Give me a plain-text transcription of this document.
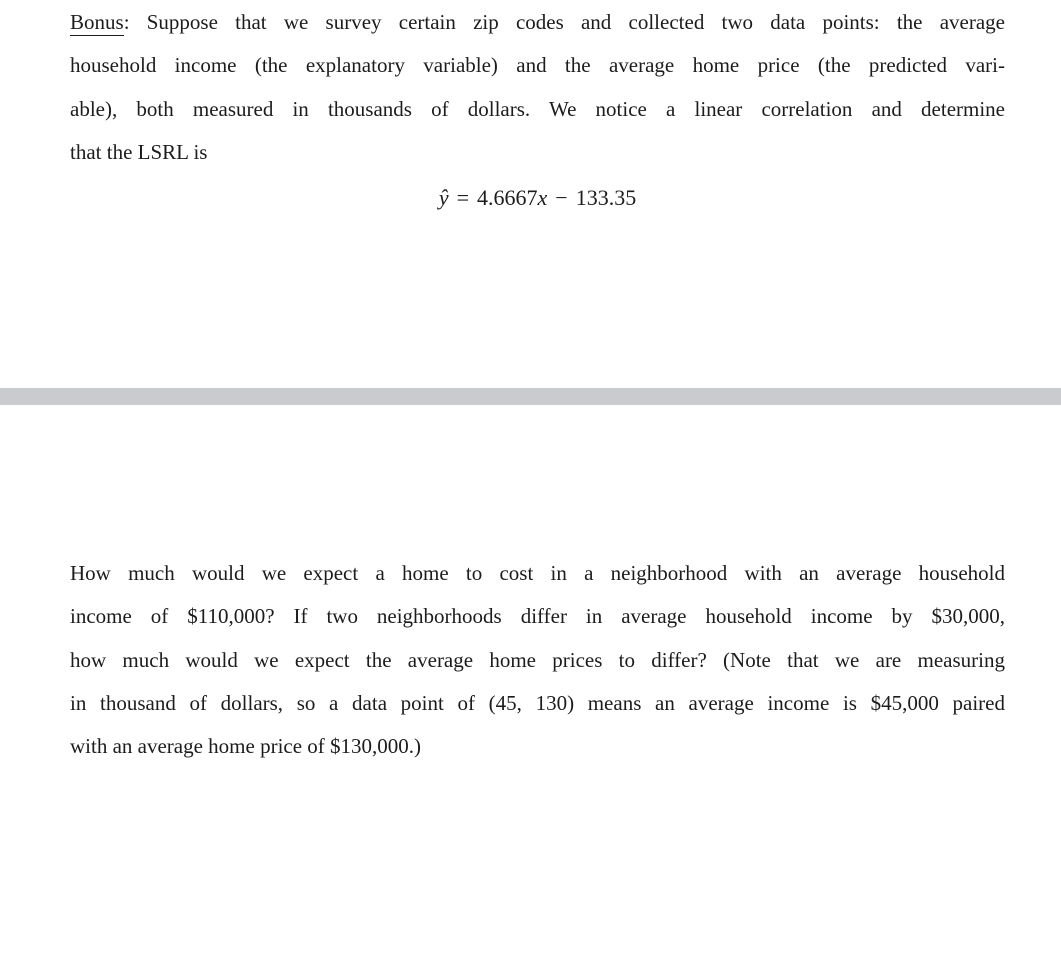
Bonus: Suppose that we survey certain zip codes and collected two data points: the average
household income (the explanatory variable) and the average home price (the predicted vari-
able), both measured in thousands of dollars. We notice a linear correlation and determine
that the LSRL is
ŷ = 4.6667x − 133.35
How much would we expect a home to cost in a neighborhood with an average household
income of $110,000? If two neighborhoods differ in average household income by $30,000,
how much would we expect the average home prices to differ? (Note that we are measuring
in thousand of dollars, so a data point of (45, 130) means an average income is $45,000 paired
with an average home price of $130,000.)
